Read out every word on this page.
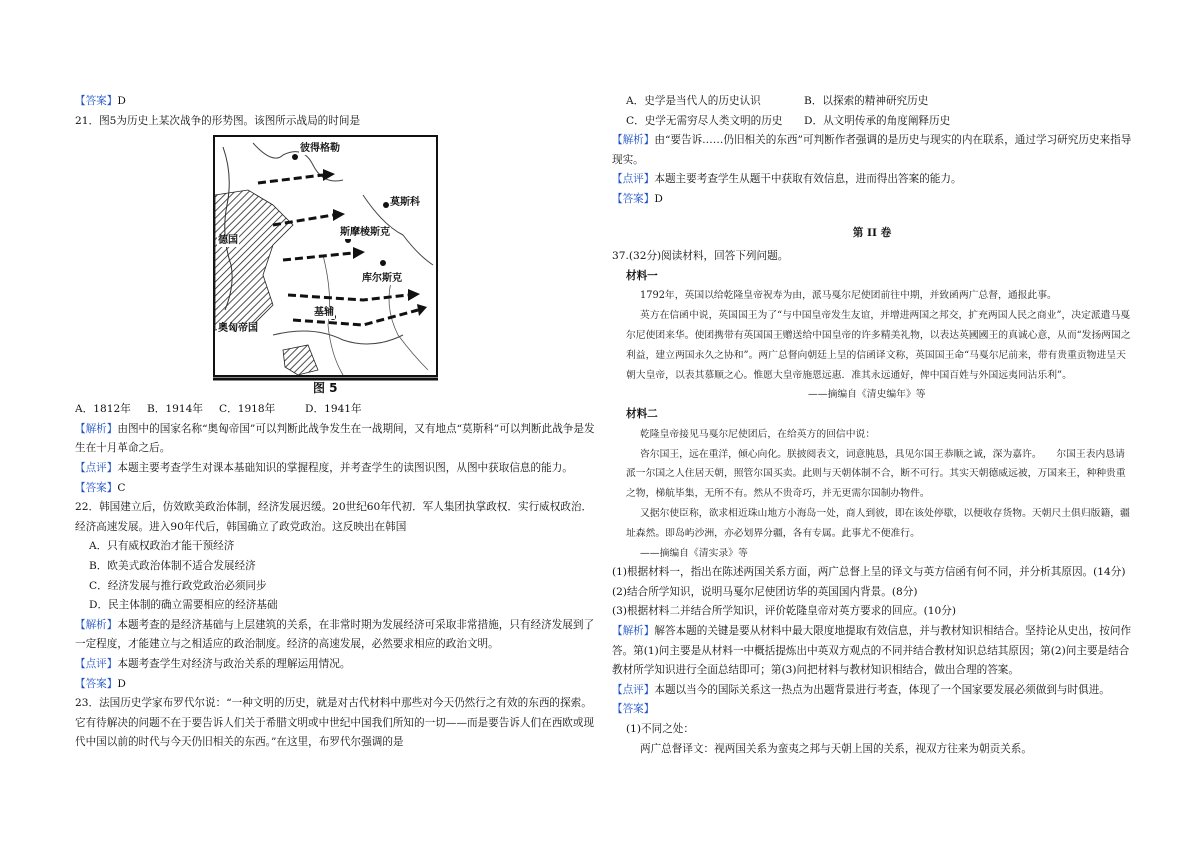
【答案】D

21．图5为历史上某次战争的形势图。该图所示战局的时间是

彼得格勒
莫斯科
斯摩棱斯克
库尔斯克
基辅
德国
奥匈帝国
图 5

A．1812年	B．1914年	C．1918年	D．1941年

【解析】由图中的国家名称“奥匈帝国”可以判断此战争发生在一战期间，又有地点“莫斯科”可以判断此战争是发生在十月革命之后。

【点评】本题主要考查学生对课本基础知识的掌握程度，并考查学生的读图识图，从图中获取信息的能力。

【答案】C

22．韩国建立后，仿效欧美政治体制，经济发展迟缓。20世纪60年代初．军人集团执掌政权．实行威权政治．经济高速发展。进入90年代后，韩国确立了政党政治。这反映出在韩国

A．只有威权政治才能干预经济

B．欧美式政治体制不适合发展经济

C．经济发展与推行政党政治必须同步

D．民主体制的确立需要相应的经济基础

【解析】本题考查的是经济基础与上层建筑的关系，在非常时期为发展经济可采取非常措施，只有经济发展到了一定程度，才能建立与之相适应的政治制度。经济的高速发展，必然要求相应的政治文明。

【点评】本题考查学生对经济与政治关系的理解运用情况。

【答案】D

23．法国历史学家布罗代尔说：“一种文明的历史，就是对古代材料中那些对今天仍然行之有效的东西的探索。它有待解决的问题不在于要告诉人们关于希腊文明或中世纪中国我们所知的一切——而是要告诉人们在西欧或现代中国以前的时代与今天仍旧相关的东西。”在这里，布罗代尔强调的是

A．史学是当代人的历史认识	B．以探索的精神研究历史

C．史学无需穷尽人类文明的历史	D．从文明传承的角度阐释历史

【解析】由“要告诉……仍旧相关的东西”可判断作者强调的是历史与现实的内在联系，通过学习研究历史来指导现实。

【点评】本题主要考查学生从题干中获取有效信息，进而得出答案的能力。

【答案】D

第 II 卷

37.(32分)阅读材料，回答下列问题。

材料一

1792年，英国以给乾隆皇帝祝寿为由，派马戛尔尼使团前往中期，并致函两广总督，通报此事。

英方在信函中说，英国国王为了“与中国皇帝发生友谊，并增进两国之邦交，扩充两国人民之商业”，决定派遣马戛尔尼使团来华。使团携带有英国国王赠送给中国皇帝的许多精美礼物，以表达英國國王的真诚心意，从而“发扬两国之利益，建立两国永久之协和”。两广总督向朝廷上呈的信函译文称，英国国王命“马戛尔尼前来，带有贵重贡物进呈天朝大皇帝，以表其慕顺之心。惟愿大皇帝施恩远惠．准其永远通好，俾中国百姓与外国远夷同沾乐利”。

——摘编自《清史编年》等

材料二

乾隆皇帝接见马戛尔尼使团后，在给英方的回信中说：

咨尔国王，远在重洋，倾心向化。朕披阅表文，词意肫恳，具见尔国王恭顺之诚，深为嘉许。　　尔国王表内恳请派一尔国之人住居天朝，照管尔国买卖。此则与天朝体制不合，断不可行。其实天朝德威远被，万国来王，种种贵重之物，梯航毕集，无所不有。然从不贵奇巧，并无更需尔国制办物件。

又据尔使臣称，欲求相近珠山地方小海岛一处，商人到彼，即在该处停歇，以便收存货物。天朝尺土俱归版籍，疆址森然。即岛屿沙洲，亦必划界分疆，各有专属。此事尤不便准行。

——摘编自《清实录》等

(1)根据材料一，指出在陈述两国关系方面，两广总督上呈的译文与英方信函有何不同，并分析其原因。(14分)

(2)结合所学知识，说明马戛尔尼使团访华的英国国内背景。(8分)

(3)根据材料二并结合所学知识，评价乾隆皇帝对英方要求的回应。(10分)

【解析】解答本题的关键是要从材料中最大限度地提取有效信息，并与教材知识相结合。坚持论从史出，按问作答。第(1)问主要是从材料一中概括提炼出中英双方观点的不同并结合教材知识总结其原因；第(2)问主要是结合教材所学知识进行全面总结即可；第(3)问把材料与教材知识相结合，做出合理的答案。

【点评】本题以当今的国际关系这一热点为出题背景进行考查，体现了一个国家要发展必须做到与时俱进。

【答案】

(1)不同之处：

两广总督译文：视两国关系为蛮夷之邦与天朝上国的关系，视双方往来为朝贡关系。
